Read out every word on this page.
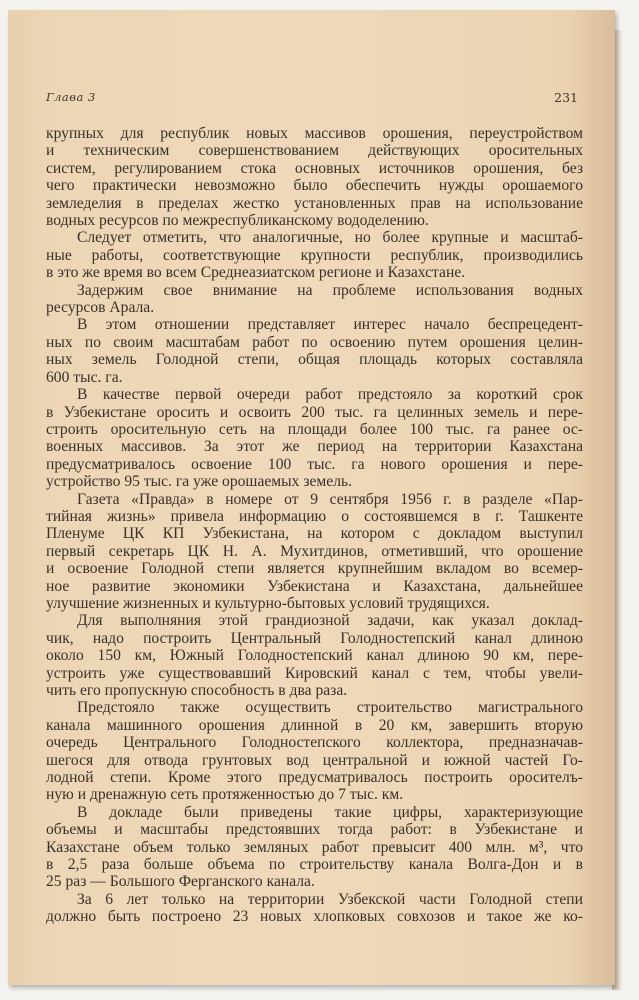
Глава 3	231
крупных для республик новых массивов орошения, переустройством
и техническим совершенствованием действующих оросительных
систем, регулированием стока основных источников орошения, без
чего практически невозможно было обеспечить нужды орошаемого
земледелия в пределах жестко установленных прав на использование
водных ресурсов по межреспубликанскому вододелению.
Следует отметить, что аналогичные, но более крупные и масштаб-
ные работы, соответствующие крупности республик, производились
в это же время во всем Среднеазиатском регионе и Казахстане.
Задержим свое внимание на проблеме использования водных
ресурсов Арала.
В этом отношении представляет интерес начало беспрецедент-
ных по своим масштабам работ по освоению путем орошения целин-
ных земель Голодной степи, общая площадь которых составляла
600 тыс. га.
В качестве первой очереди работ предстояло за короткий срок
в Узбекистане оросить и освоить 200 тыс. га целинных земель и пере-
строить оросительную сеть на площади более 100 тыс. га ранее ос-
военных массивов. За этот же период на территории Казахстана
предусматривалось освоение 100 тыс. га нового орошения и пере-
устройство 95 тыс. га уже орошаемых земель.
Газета «Правда» в номере от 9 сентября 1956 г. в разделе «Пар-
тийная жизнь» привела информацию о состоявшемся в г. Ташкенте
Пленуме ЦК КП Узбекистана, на котором с докладом выступил
первый секретарь ЦК Н. А. Мухитдинов, отметивший, что орошение
и освоение Голодной степи является крупнейшим вкладом во всемер-
ное развитие экономики Узбекистана и Казахстана, дальнейшее
улучшение жизненных и культурно-бытовых условий трудящихся.
Для выполняния этой грандиозной задачи, как указал доклад-
чик, надо построить Центральный Голодностепский канал длиною
около 150 км, Южный Голодностепский канал длиною 90 км, пере-
устроить уже существовавший Кировский канал с тем, чтобы увели-
чить его пропускную способность в два раза.
Предстояло также осуществить строительство магистрального
канала машинного орошения длинной в 20 км, завершить вторую
очередь Центрального Голодностепского коллектора, предназначав-
шегося для отвода грунтовых вод центральной и южной частей Го-
лодной степи. Кроме этого предусматривалось построить оросителъ-
ную и дренажную сеть протяженностью до 7 тыс. км.
В докладе были приведены такие цифры, характеризующие
объемы и масштабы предстоявших тогда работ: в Узбекистане и
Казахстане объем только земляных работ превысит 400 млн. м³, что
в 2,5 раза больше объема по строительству канала Волга-Дон и в
25 раз — Большого Ферганского канала.
За 6 лет только на территории Узбекской части Голодной степи
должно быть построено 23 новых хлопковых совхозов и такое же ко-
